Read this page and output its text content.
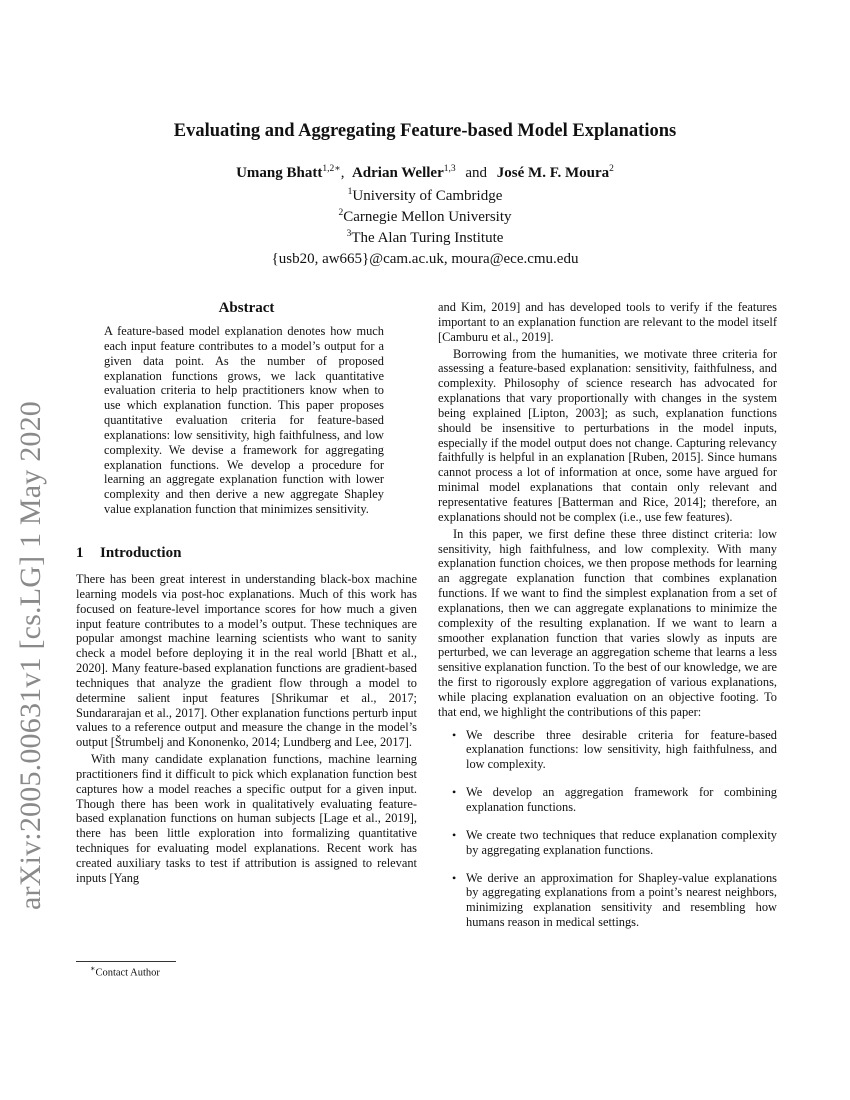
arXiv:2005.00631v1 [cs.LG] 1 May 2020
Evaluating and Aggregating Feature-based Model Explanations
Umang Bhatt$^{1,2∗}$,  Adrian Weller$^{1,3}$ and José M. F. Moura$^2$
$^1$University of Cambridge
$^2$Carnegie Mellon University
$^3$The Alan Turing Institute
{usb20, aw665}@cam.ac.uk, moura@ece.cmu.edu
Abstract
A feature-based model explanation denotes how much each input feature contributes to a model’s output for a given data point. As the number of proposed explanation functions grows, we lack quantitative evaluation criteria to help practitioners know when to use which explanation function. This paper proposes quantitative evaluation criteria for feature-based explanations: low sensitivity, high faithfulness, and low complexity. We devise a framework for aggregating explanation functions. We develop a procedure for learning an aggregate explanation function with lower complexity and then derive a new aggregate Shapley value explanation function that minimizes sensitivity.
1 Introduction

There has been great interest in understanding black-box machine learning models via post-hoc explanations. Much of this work has focused on feature-level importance scores for how much a given input feature contributes to a model’s output. These techniques are popular amongst machine learning scientists who want to sanity check a model before deploying it in the real world [Bhatt et al., 2020]. Many feature-based explanation functions are gradient-based techniques that analyze the gradient flow through a model to determine salient input features [Shrikumar et al., 2017; Sundararajan et al., 2017]. Other explanation functions perturb input values to a reference output and measure the change in the model’s output [Štrumbelj and Kononenko, 2014; Lundberg and Lee, 2017].

With many candidate explanation functions, machine learning practitioners find it difficult to pick which explanation function best captures how a model reaches a specific output for a given input. Though there has been work in qualitatively evaluating feature-based explanation functions on human subjects [Lage et al., 2019], there has been little exploration into formalizing quantitative techniques for evaluating model explanations. Recent work has created auxiliary tasks to test if attribution is assigned to relevant inputs [Yang

and Kim, 2019] and has developed tools to verify if the features important to an explanation function are relevant to the model itself [Camburu et al., 2019].

Borrowing from the humanities, we motivate three criteria for assessing a feature-based explanation: sensitivity, faithfulness, and complexity. Philosophy of science research has advocated for explanations that vary proportionally with changes in the system being explained [Lipton, 2003]; as such, explanation functions should be insensitive to perturbations in the model inputs, especially if the model output does not change. Capturing relevancy faithfully is helpful in an explanation [Ruben, 2015]. Since humans cannot process a lot of information at once, some have argued for minimal model explanations that contain only relevant and representative features [Batterman and Rice, 2014]; therefore, an explanations should not be complex (i.e., use few features).

In this paper, we first define these three distinct criteria: low sensitivity, high faithfulness, and low complexity. With many explanation function choices, we then propose methods for learning an aggregate explanation function that combines explanation functions. If we want to find the simplest explanation from a set of explanations, then we can aggregate explanations to minimize the complexity of the resulting explanation. If we want to learn a smoother explanation function that varies slowly as inputs are perturbed, we can leverage an aggregation scheme that learns a less sensitive explanation function. To the best of our knowledge, we are the first to rigorously explore aggregation of various explanations, while placing explanation evaluation on an objective footing. To that end, we highlight the contributions of this paper:

• We describe three desirable criteria for feature-based explanation functions: low sensitivity, high faithfulness, and low complexity.
• We develop an aggregation framework for combining explanation functions.
• We create two techniques that reduce explanation complexity by aggregating explanation functions.
• We derive an approximation for Shapley-value explanations by aggregating explanations from a point’s nearest neighbors, minimizing explanation sensitivity and resembling how humans reason in medical settings.
∗Contact Author
